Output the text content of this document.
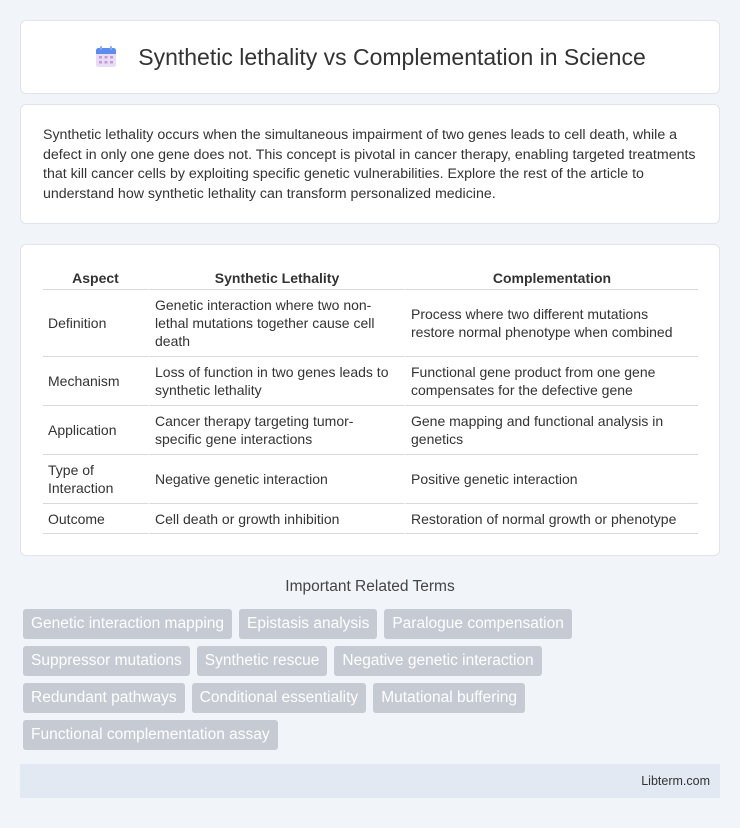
Synthetic lethality vs Complementation in Science

Synthetic lethality occurs when the simultaneous impairment of two genes leads to cell death, while a defect in only one gene does not. This concept is pivotal in cancer therapy, enabling targeted treatments that kill cancer cells by exploiting specific genetic vulnerabilities. Explore the rest of the article to understand how synthetic lethality can transform personalized medicine.

Aspect	Synthetic Lethality	Complementation
Definition	Genetic interaction where two non-lethal mutations together cause cell death	Process where two different mutations restore normal phenotype when combined
Mechanism	Loss of function in two genes leads to synthetic lethality	Functional gene product from one gene compensates for the defective gene
Application	Cancer therapy targeting tumor-specific gene interactions	Gene mapping and functional analysis in genetics
Type of Interaction	Negative genetic interaction	Positive genetic interaction
Outcome	Cell death or growth inhibition	Restoration of normal growth or phenotype
Important Related Terms
Genetic interaction mapping	Epistasis analysis	Paralogue compensation
Suppressor mutations	Synthetic rescue	Negative genetic interaction
Redundant pathways	Conditional essentiality	Mutational buffering
Functional complementation assay
Libterm.com
